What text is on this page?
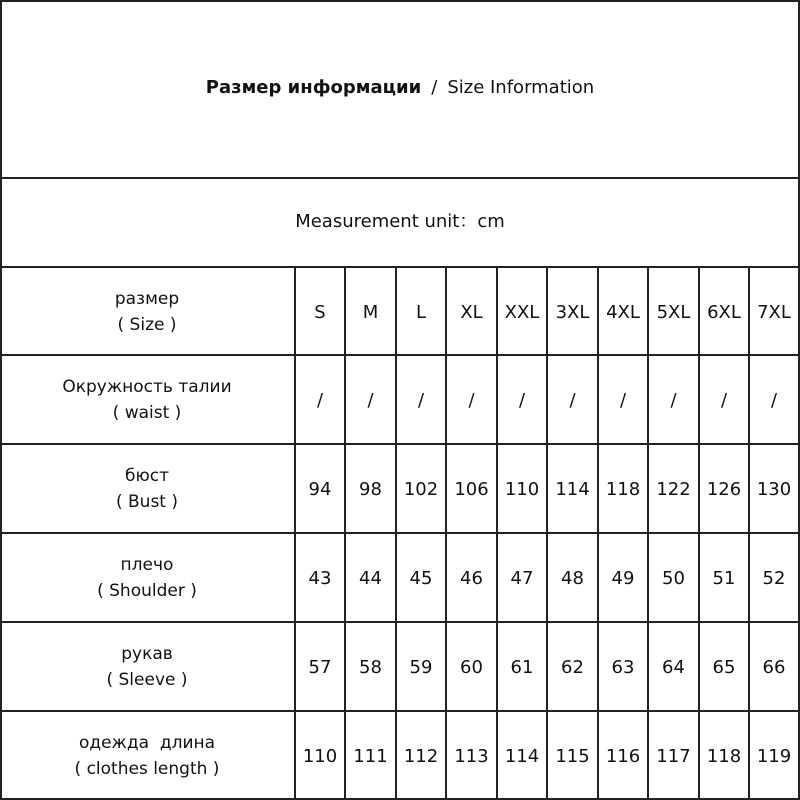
Размер информации / Size Information
Measurement unit：cm
размер
( Size )
S	M	L	XL	XXL 3XL 4XL 5XL 6XL 7XL
Окружность талии
( waist )
/	/	/	/	/	/	/	/	/	/
бюст
( Bust )
94	98	102 106 110 114 118 122 126 130
плечо
( Shoulder )
43	44	45	46	47	48	49	50	51	52
рукав
( Sleeve )
57	58	59	60	61	62	63	64	65	66
одежда  длина
( clothes length )
110 111 112 113 114 115 116 117 118 119
